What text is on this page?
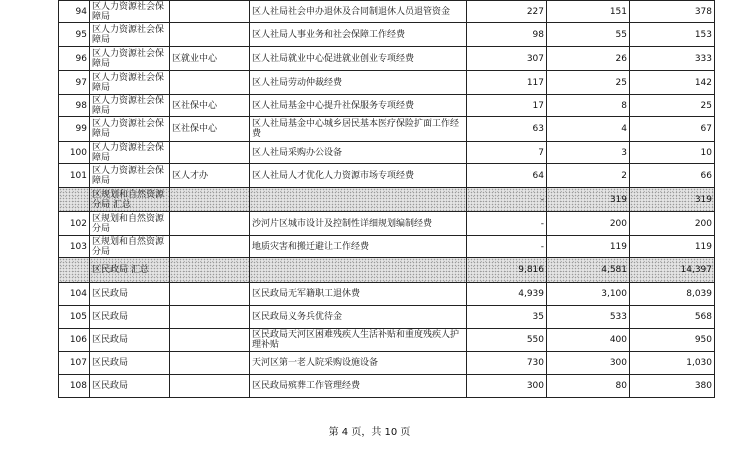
94	区人力资源社会保障局		区人社局社会申办退休及合同制退休人员退管资金	227	151	378
95	区人力资源社会保障局		区人社局人事业务和社会保障工作经费	98	55	153
96	区人力资源社会保障局	区就业中心	区人社局就业中心促进就业创业专项经费	307	26	333
97	区人力资源社会保障局		区人社局劳动仲裁经费	117	25	142
98	区人力资源社会保障局	区社保中心	区人社局基金中心提升社保服务专项经费	17	8	25
99	区人力资源社会保障局	区社保中心	区人社局基金中心城乡居民基本医疗保险扩面工作经费	63	4	67
100	区人力资源社会保障局		区人社局采购办公设备	7	3	10
101	区人力资源社会保障局	区人才办	区人社局人才优化人力资源市场专项经费	64	2	66
	区规划和自然资源分局 汇总			-	319	319
102	区规划和自然资源分局		沙河片区城市设计及控制性详细规划编制经费	-	200	200
103	区规划和自然资源分局		地质灾害和搬迁避让工作经费	-	119	119
	区民政局 汇总			9,816	4,581	14,397
104	区民政局		区民政局无军籍职工退休费	4,939	3,100	8,039
105	区民政局		区民政局义务兵优待金	35	533	568
106	区民政局		区民政局天河区困难残疾人生活补贴和重度残疾人护理补贴	550	400	950
107	区民政局		天河区第一老人院采购设施设备	730	300	1,030
108	区民政局		区民政局殡葬工作管理经费	300	80	380
第 4 页，共 10 页
